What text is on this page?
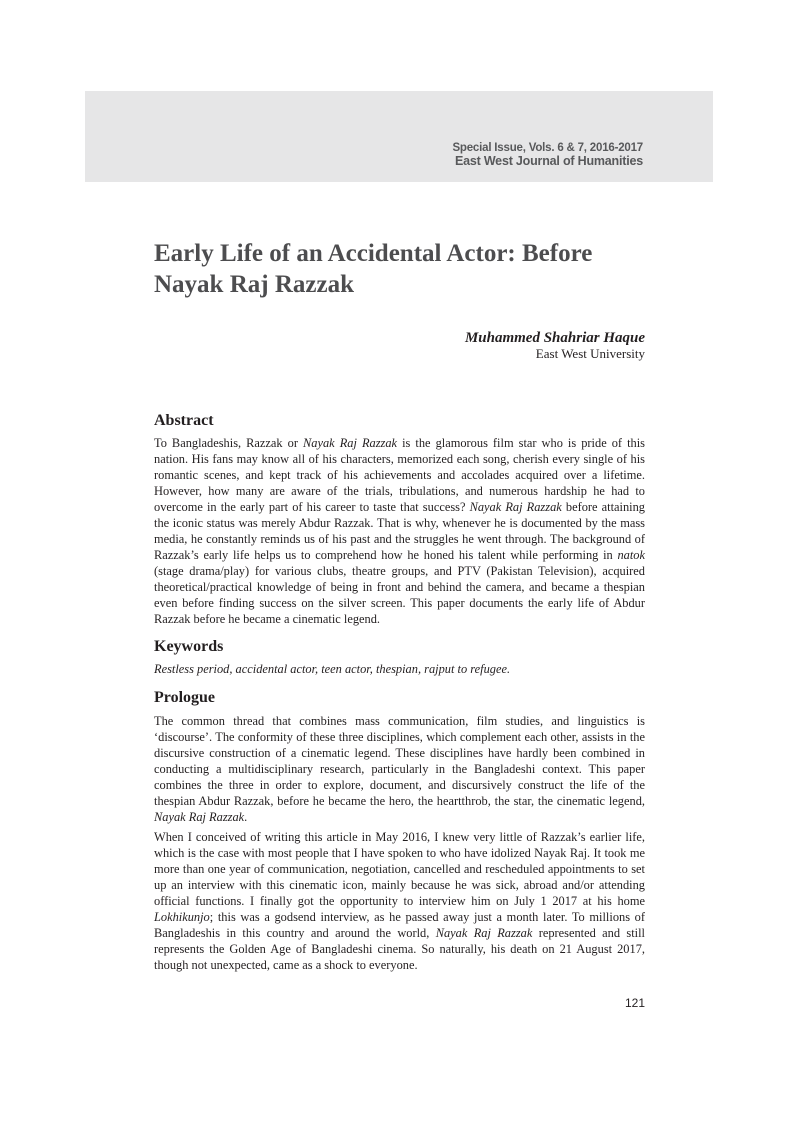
Special Issue, Vols. 6 & 7, 2016-2017
East West Journal of Humanities
Early Life of an Accidental Actor: Before
Nayak Raj Razzak
Muhammed Shahriar Haque
East West University
Abstract

To Bangladeshis, Razzak or Nayak Raj Razzak is the glamorous film star who is pride of this nation. His fans may know all of his characters, memorized each song, cherish every single of his romantic scenes, and kept track of his achievements and accolades acquired over a lifetime. However, how many are aware of the trials, tribulations, and numerous hardship he had to overcome in the early part of his career to taste that success? Nayak Raj Razzak before attaining the iconic status was merely Abdur Razzak. That is why, whenever he is documented by the mass media, he constantly reminds us of his past and the struggles he went through. The background of Razzak’s early life helps us to comprehend how he honed his talent while performing in natok (stage drama/play) for various clubs, theatre groups, and PTV (Pakistan Television), acquired theoretical/practical knowledge of being in front and behind the camera, and became a thespian even before finding success on the silver screen. This paper documents the early life of Abdur Razzak before he became a cinematic legend.

Keywords

Restless period, accidental actor, teen actor, thespian, rajput to refugee.

Prologue

The common thread that combines mass communication, film studies, and linguistics is ‘discourse’. The conformity of these three disciplines, which complement each other, assists in the discursive construction of a cinematic legend. These disciplines have hardly been combined in conducting a multidisciplinary research, particularly in the Bangladeshi context. This paper combines the three in order to explore, document, and discursively construct the life of the thespian Abdur Razzak, before he became the hero, the heartthrob, the star, the cinematic legend, Nayak Raj Razzak.

When I conceived of writing this article in May 2016, I knew very little of Razzak’s earlier life, which is the case with most people that I have spoken to who have idolized Nayak Raj. It took me more than one year of communication, negotiation, cancelled and rescheduled appointments to set up an interview with this cinematic icon, mainly because he was sick, abroad and/or attending official functions. I finally got the opportunity to interview him on July 1 2017 at his home Lokhikunjo; this was a godsend interview, as he passed away just a month later. To millions of Bangladeshis in this country and around the world, Nayak Raj Razzak represented and still represents the Golden Age of Bangladeshi cinema. So naturally, his death on 21 August 2017, though not unexpected, came as a shock to everyone.

121
